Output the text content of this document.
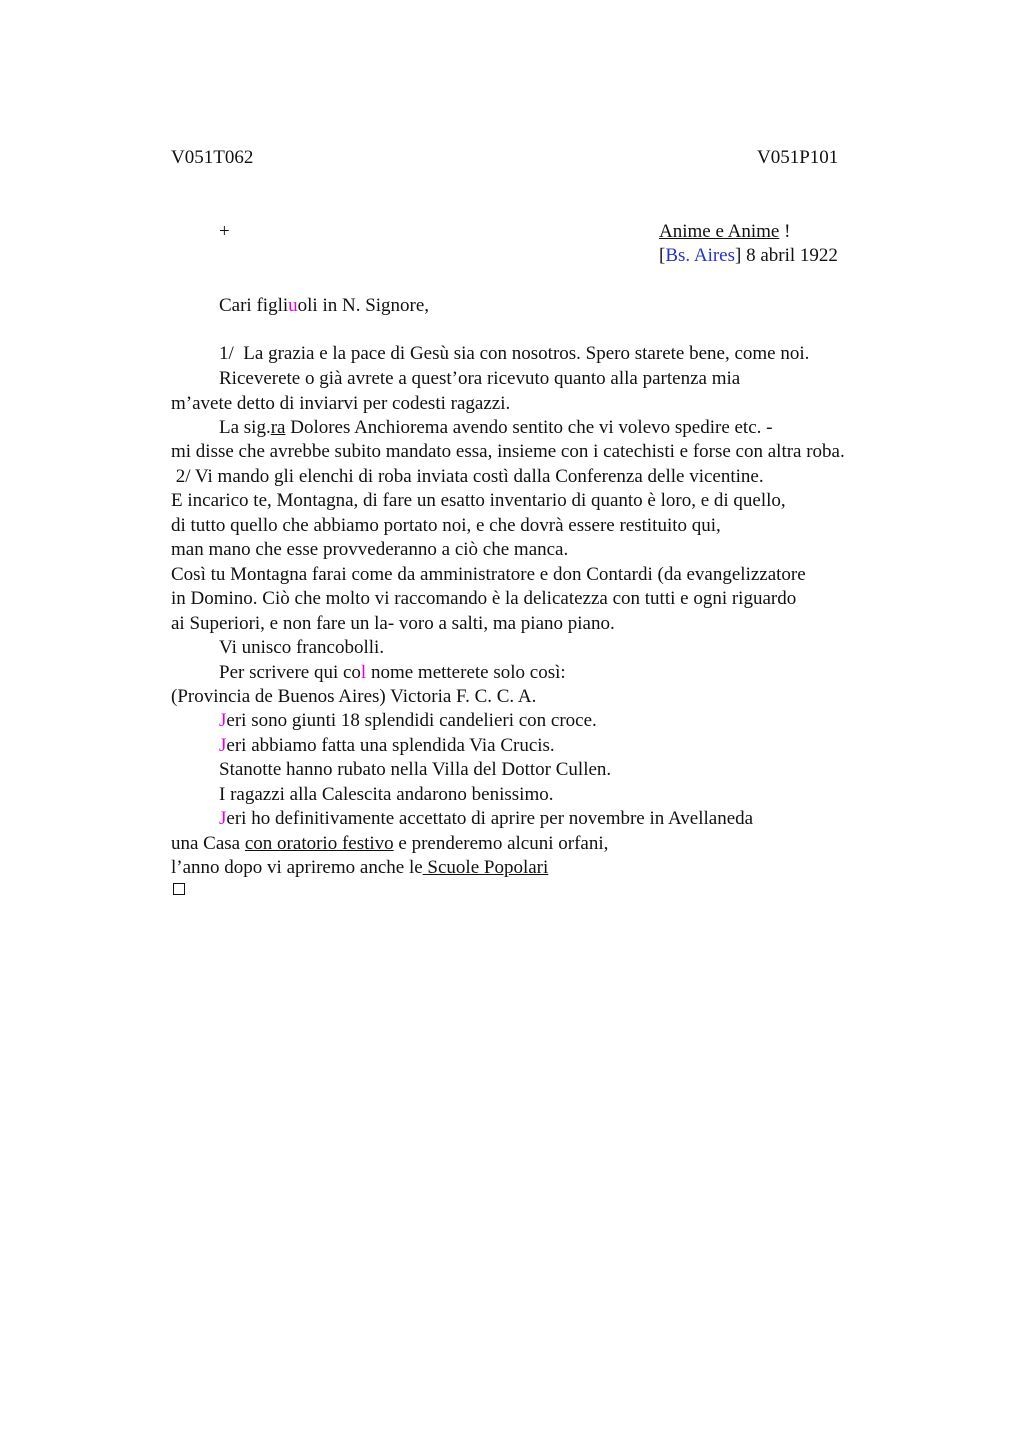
V051T062	V051P101
+	Anime e Anime !
[Bs. Aires] 8 abril 1922
Cari figliuoli in N. Signore,
1/  La grazia e la pace di Gesù sia con nosotros. Spero starete bene, come noi.
Riceverete o già avrete a quest’ora ricevuto quanto alla partenza mia
m’avete detto di inviarvi per codesti ragazzi.
La sig.ra Dolores Anchiorema avendo sentito che vi volevo spedire etc. -
mi disse che avrebbe subito mandato essa, insieme con i catechisti e forse con altra roba.
2/ Vi mando gli elenchi di roba inviata costì dalla Conferenza delle vicentine.
E incarico te, Montagna, di fare un esatto inventario di quanto è loro, e di quello,
di tutto quello che abbiamo portato noi, e che dovrà essere restituito qui,
man mano che esse provvederanno a ciò che manca.
Così tu Montagna farai come da amministratore e don Contardi (da evangelizzatore
in Domino. Ciò che molto vi raccomando è la delicatezza con tutti e ogni riguardo
ai Superiori, e non fare un la- voro a salti, ma piano piano.
Vi unisco francobolli.
Per scrivere qui col nome metterete solo così:
(Provincia de Buenos Aires) Victoria F. C. C. A.
Jeri sono giunti 18 splendidi candelieri con croce.
Jeri abbiamo fatta una splendida Via Crucis.
Stanotte hanno rubato nella Villa del Dottor Cullen.
I ragazzi alla Calescita andarono benissimo.
Jeri ho definitivamente accettato di aprire per novembre in Avellaneda
una Casa con oratorio festivo e prenderemo alcuni orfani,
l’anno dopo vi apriremo anche le Scuole Popolari
